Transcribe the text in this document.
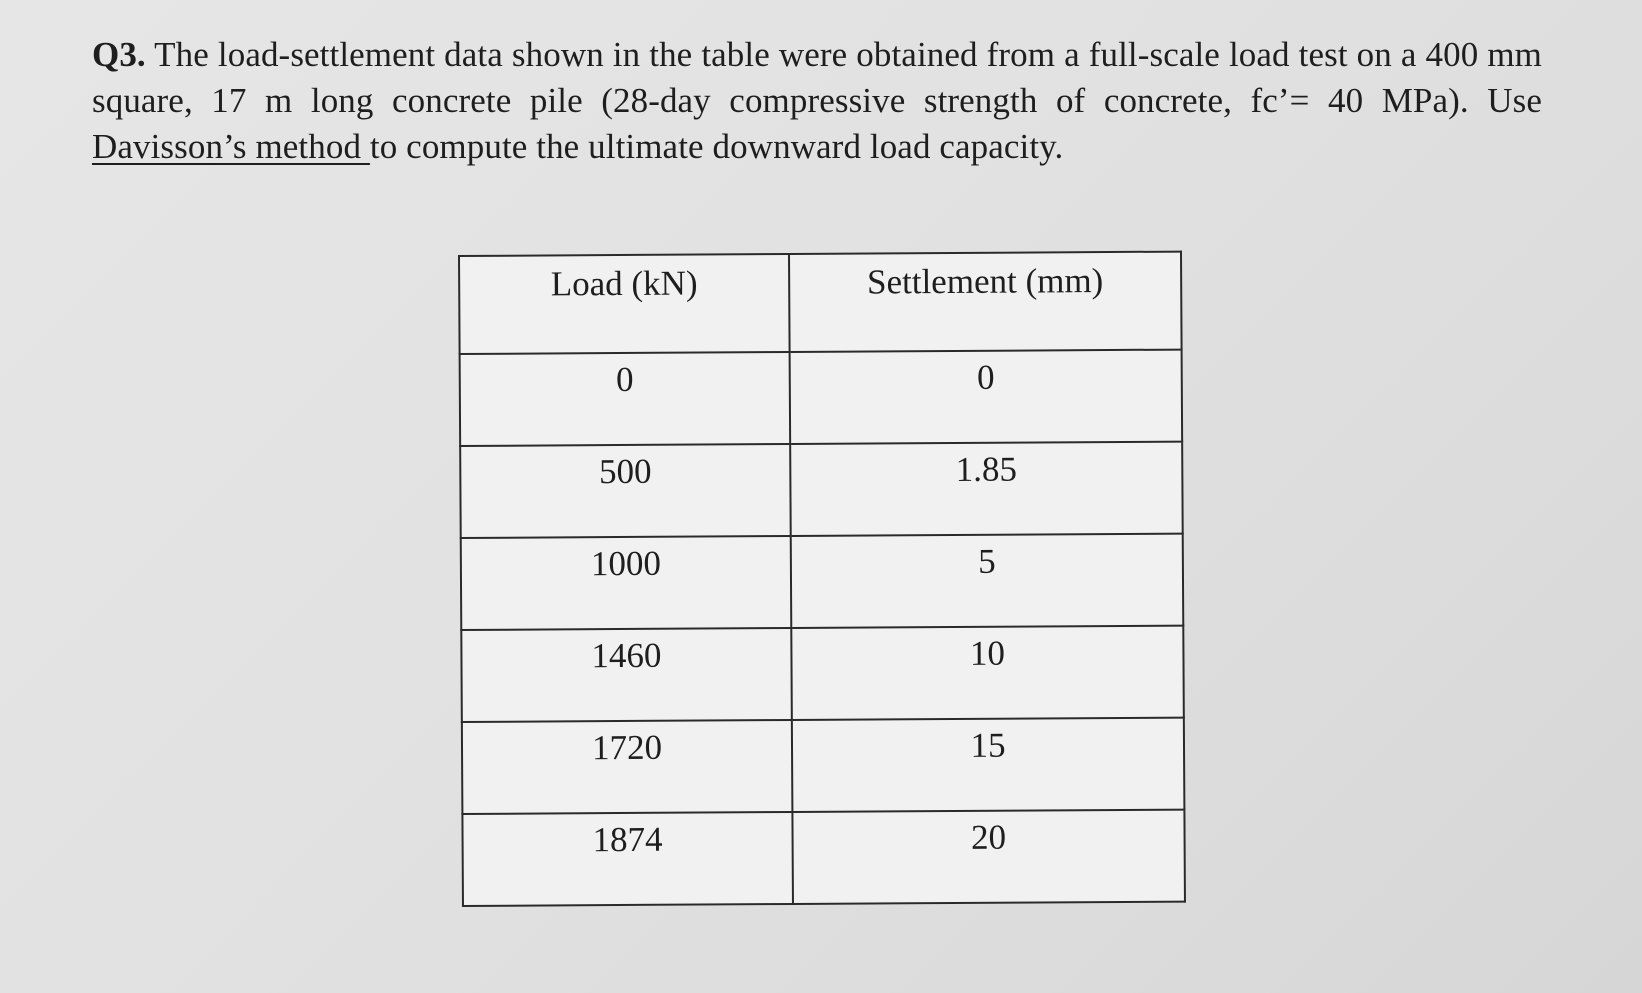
Q3. The load-settlement data shown in the table were obtained from a full-scale load test on a 400 mm square, 17 m long concrete pile (28-day compressive strength of concrete, fc’= 40 MPa). Use Davisson’s method to compute the ultimate downward load capacity.
Load (kN)	Settlement (mm)
0	0
500	1.85
1000	5
1460	10
1720	15
1874	20
